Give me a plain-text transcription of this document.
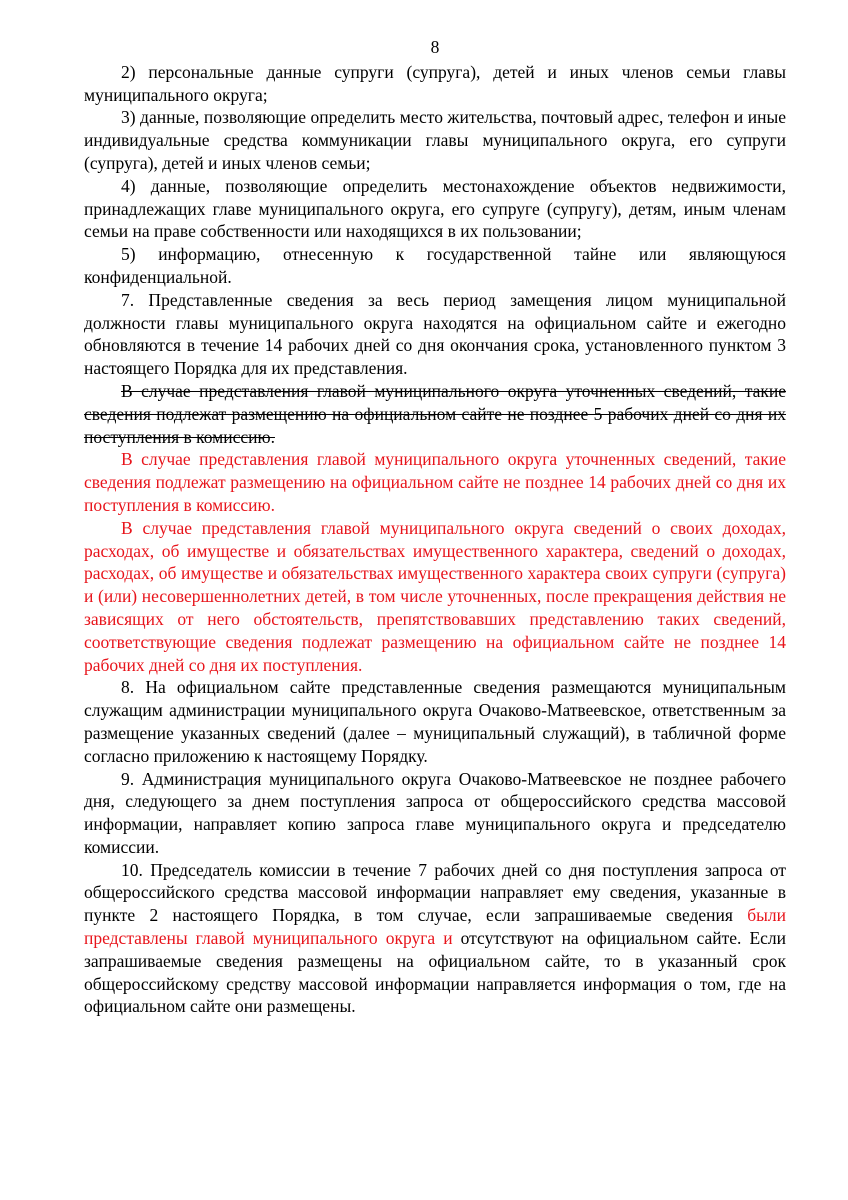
8

2) персональные данные супруги (супруга), детей и иных членов семьи главы муниципального округа;

3) данные, позволяющие определить место жительства, почтовый адрес, телефон и иные индивидуальные средства коммуникации главы муниципального округа, его супруги (супруга), детей и иных членов семьи;

4) данные, позволяющие определить местонахождение объектов недвижимости, принадлежащих главе муниципального округа, его супруге (супругу), детям, иным членам семьи на праве собственности или находящихся в их пользовании;

5) информацию, отнесенную к государственной тайне или являющуюся конфиденциальной.

7. Представленные сведения за весь период замещения лицом муниципальной должности главы муниципального округа находятся на официальном сайте и ежегодно обновляются в течение 14 рабочих дней со дня окончания срока, установленного пунктом 3 настоящего Порядка для их представления.

В случае представления главой муниципального округа уточненных сведений, такие сведения подлежат размещению на официальном сайте не позднее 5 рабочих дней со дня их поступления в комиссию.

В случае представления главой муниципального округа уточненных сведений, такие сведения подлежат размещению на официальном сайте не позднее 14 рабочих дней со дня их поступления в комиссию.

В случае представления главой муниципального округа сведений о своих доходах, расходах, об имуществе и обязательствах имущественного характера, сведений о доходах, расходах, об имуществе и обязательствах имущественного характера своих супруги (супруга) и (или) несовершеннолетних детей, в том числе уточненных, после прекращения действия не зависящих от него обстоятельств, препятствовавших представлению таких сведений, соответствующие сведения подлежат размещению на официальном сайте не позднее 14 рабочих дней со дня их поступления.

8. На официальном сайте представленные сведения размещаются муниципальным служащим администрации муниципального округа Очаково-Матвеевское, ответственным за размещение указанных сведений (далее – муниципальный служащий), в табличной форме согласно приложению к настоящему Порядку.

9. Администрация муниципального округа Очаково-Матвеевское не позднее рабочего дня, следующего за днем поступления запроса от общероссийского средства массовой информации, направляет копию запроса главе муниципального округа и председателю комиссии.

10. Председатель комиссии в течение 7 рабочих дней со дня поступления запроса от общероссийского средства массовой информации направляет ему сведения, указанные в пункте 2 настоящего Порядка, в том случае, если запрашиваемые сведения были представлены главой муниципального округа и отсутствуют на официальном сайте. Если запрашиваемые сведения размещены на официальном сайте, то в указанный срок общероссийскому средству массовой информации направляется информация о том, где на официальном сайте они размещены.
